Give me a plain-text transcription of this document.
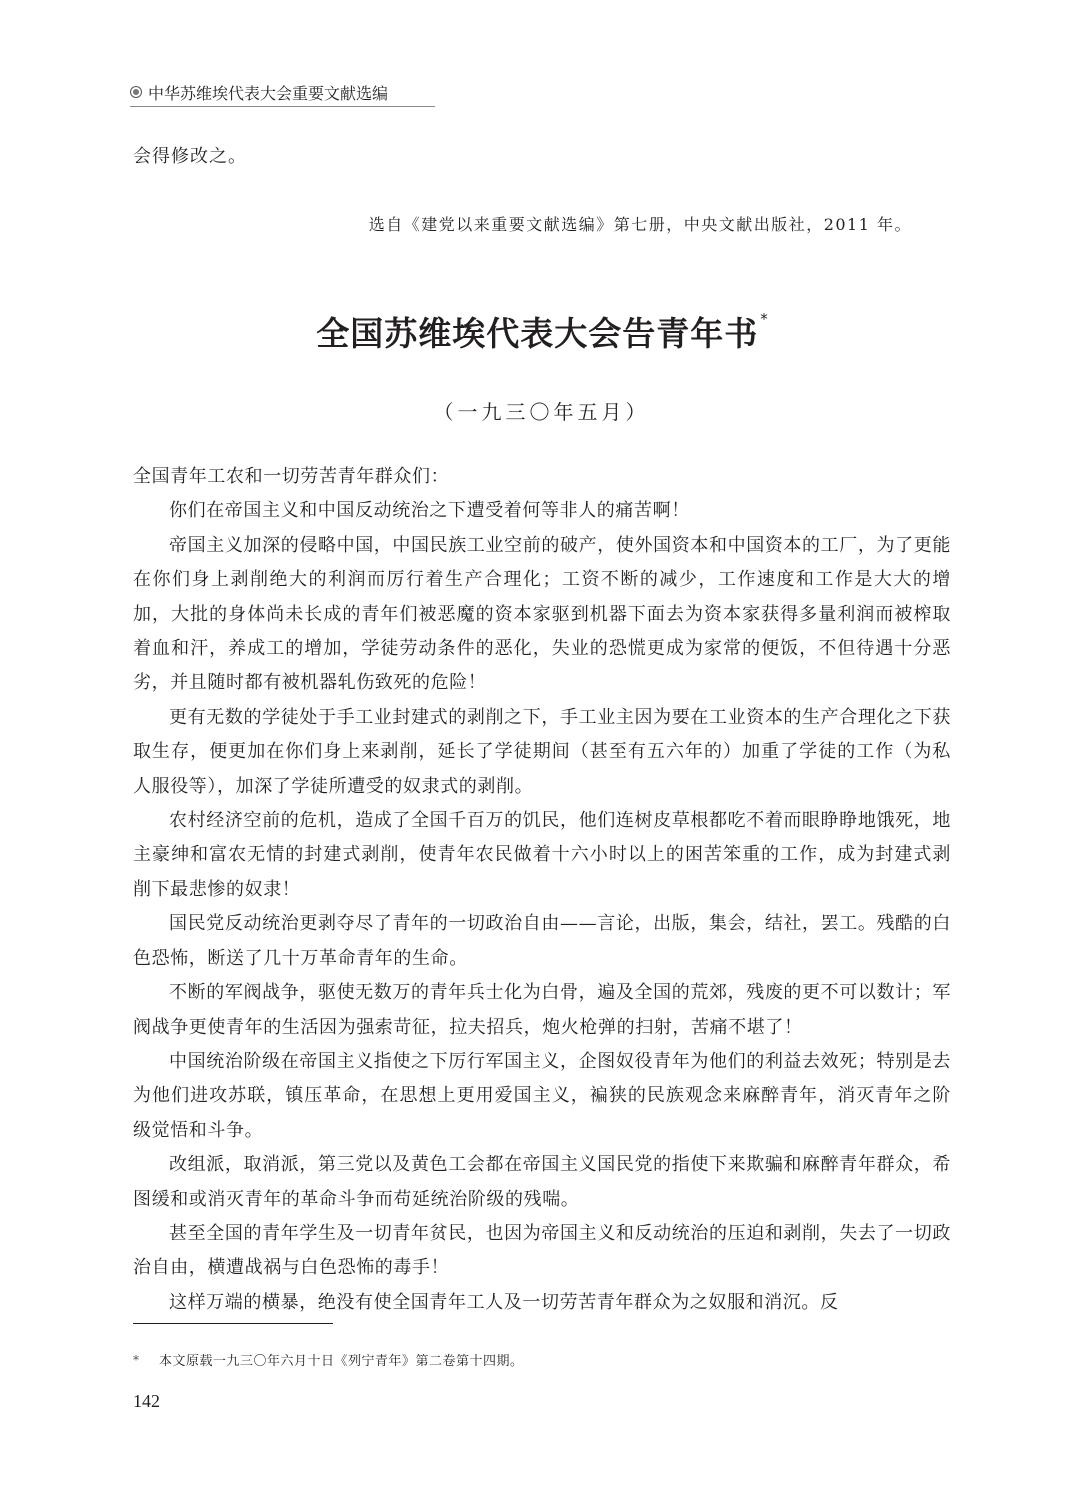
中华苏维埃代表大会重要文献选编
会得修改之。
选自《建党以来重要文献选编》第七册，中央文献出版社，2011 年。
全国苏维埃代表大会告青年书 *
（一九三〇年五月）

全国青年工农和一切劳苦青年群众们：

你们在帝国主义和中国反动统治之下遭受着何等非人的痛苦啊！

帝国主义加深的侵略中国，中国民族工业空前的破产，使外国资本和中国资本的工厂，为了更能在你们身上剥削绝大的利润而厉行着生产合理化；工资不断的减少，工作速度和工作是大大的增加，大批的身体尚未长成的青年们被恶魔的资本家驱到机器下面去为资本家获得多量利润而被榨取着血和汗，养成工的增加，学徒劳动条件的恶化，失业的恐慌更成为家常的便饭，不但待遇十分恶劣，并且随时都有被机器轧伤致死的危险！

更有无数的学徒处于手工业封建式的剥削之下，手工业主因为要在工业资本的生产合理化之下获取生存，便更加在你们身上来剥削，延长了学徒期间（甚至有五六年的）加重了学徒的工作（为私人服役等），加深了学徒所遭受的奴隶式的剥削。

农村经济空前的危机，造成了全国千百万的饥民，他们连树皮草根都吃不着而眼睁睁地饿死，地主豪绅和富农无情的封建式剥削，使青年农民做着十六小时以上的困苦笨重的工作，成为封建式剥削下最悲惨的奴隶！

国民党反动统治更剥夺尽了青年的一切政治自由——言论，出版，集会，结社，罢工。残酷的白色恐怖，断送了几十万革命青年的生命。

不断的军阀战争，驱使无数万的青年兵士化为白骨，遍及全国的荒郊，残废的更不可以数计；军阀战争更使青年的生活因为强索苛征，拉夫招兵，炮火枪弹的扫射，苦痛不堪了！

中国统治阶级在帝国主义指使之下厉行军国主义，企图奴役青年为他们的利益去效死；特别是去为他们进攻苏联，镇压革命，在思想上更用爱国主义，褊狭的民族观念来麻醉青年，消灭青年之阶级觉悟和斗争。

改组派，取消派，第三党以及黄色工会都在帝国主义国民党的指使下来欺骗和麻醉青年群众，希图缓和或消灭青年的革命斗争而苟延统治阶级的残喘。

甚至全国的青年学生及一切青年贫民，也因为帝国主义和反动统治的压迫和剥削，失去了一切政治自由，横遭战祸与白色恐怖的毒手！

这样万端的横暴，绝没有使全国青年工人及一切劳苦青年群众为之奴服和消沉。反

*	本文原载一九三〇年六月十日《列宁青年》第二卷第十四期。
142
